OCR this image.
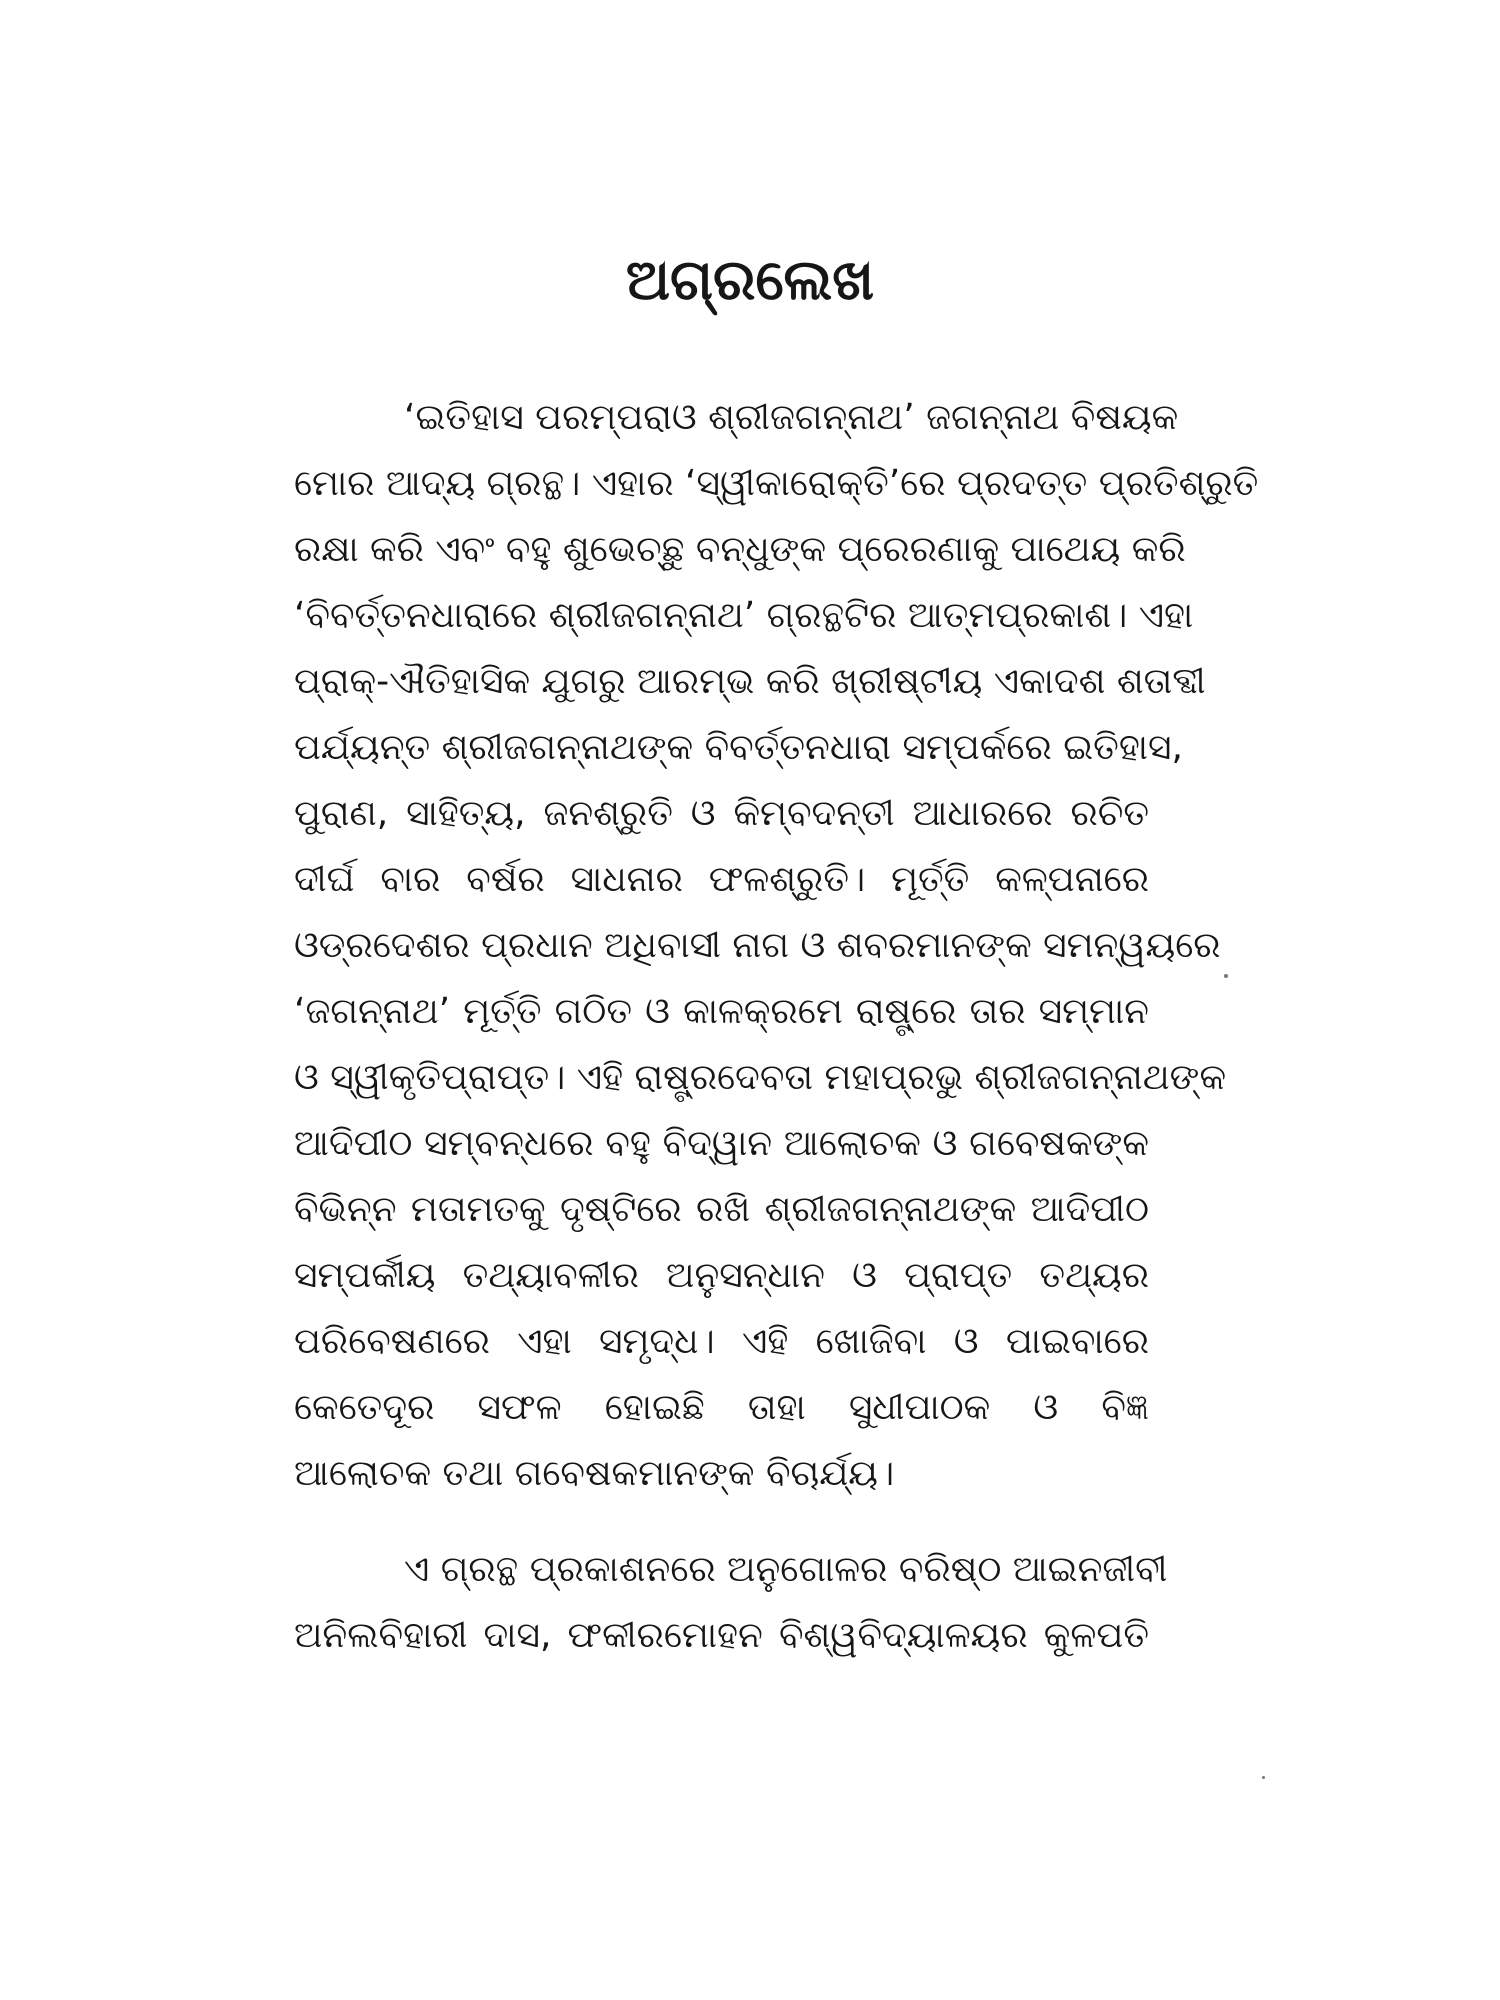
ଅଗ୍ରଲେଖ
‘ଇତିହାସ ପରମ୍ପରାଓ ଶ୍ରୀଜଗନ୍ନାଥ’ ଜଗନ୍ନାଥ ବିଷୟକ
ମୋର ଆଦ୍ୟ ଗ୍ରନ୍ଥ। ଏହାର ‘ସ୍ୱୀକାରୋକ୍ତି’ରେ ପ୍ରଦତ୍ତ ପ୍ରତିଶ୍ରୁତି
ରକ୍ଷା କରି ଏବଂ ବହୁ ଶୁଭେଚ୍ଛୁ ବନ୍ଧୁଙ୍କ ପ୍ରେରଣାକୁ ପାଥେୟ କରି
‘ବିବର୍ତ୍ତନଧାରାରେ ଶ୍ରୀଜଗନ୍ନାଥ’ ଗ୍ରନ୍ଥଟିର ଆତ୍ମପ୍ରକାଶ। ଏହା
ପ୍ରାକ୍-ଐତିହାସିକ ଯୁଗରୁ ଆରମ୍ଭ କରି ଖ୍ରୀଷ୍ଟୀୟ ଏକାଦଶ ଶତାବ୍ଦୀ
ପର୍ଯ୍ୟନ୍ତ ଶ୍ରୀଜଗନ୍ନାଥଙ୍କ ବିବର୍ତ୍ତନଧାରା ସମ୍ପର୍କରେ ଇତିହାସ,
ପୁରାଣ, ସାହିତ୍ୟ, ଜନଶ୍ରୁତି ଓ କିମ୍ବଦନ୍ତୀ ଆଧାରରେ ରଚିତ
ଦୀର୍ଘ ବାର ବର୍ଷର ସାଧନାର ଫଳଶ୍ରୁତି। ମୂର୍ତ୍ତି କଳ୍ପନାରେ
ଓଡ୍ରଦେଶର ପ୍ରଧାନ ଅଧିବାସୀ ନାଗ ଓ ଶବରମାନଙ୍କ ସମନ୍ୱୟରେ
‘ଜଗନ୍ନାଥ’ ମୂର୍ତ୍ତି ଗଠିତ ଓ କାଳକ୍ରମେ ରାଷ୍ଟ୍ରେ ତାର ସମ୍ମାନ
ଓ ସ୍ୱୀକୃତିପ୍ରାପ୍ତ। ଏହି ରାଷ୍ଟ୍ରଦେବତା ମହାପ୍ରଭୁ ଶ୍ରୀଜଗନ୍ନାଥଙ୍କ
ଆଦିପୀଠ ସମ୍ବନ୍ଧରେ ବହୁ ବିଦ୍ୱାନ ଆଲୋଚକ ଓ ଗବେଷକଙ୍କ
ବିଭିନ୍ନ ମତାମତକୁ ଦୃଷ୍ଟିରେ ରଖି ଶ୍ରୀଜଗନ୍ନାଥଙ୍କ ଆଦିପୀଠ
ସମ୍ପର୍କୀୟ ତଥ୍ୟାବଳୀର ଅନୁସନ୍ଧାନ ଓ ପ୍ରାପ୍ତ ତଥ୍ୟର
ପରିବେଷଣରେ ଏହା ସମୃଦ୍ଧ। ଏହି ଖୋଜିବା ଓ ପାଇବାରେ
କେତେଦୂର ସଫଳ ହୋଇଛି ତାହା ସୁଧୀପାଠକ ଓ ବିଜ୍ଞ
ଆଲୋଚକ ତଥା ଗବେଷକମାନଙ୍କ ବିଚାର୍ଯ୍ୟ।
ଏ ଗ୍ରନ୍ଥ ପ୍ରକାଶନରେ ଅନୁଗୋଳର ବରିଷ୍ଠ ଆଇନଜୀବୀ
ଅନିଲବିହାରୀ ଦାସ, ଫକୀରମୋହନ ବିଶ୍ୱବିଦ୍ୟାଳୟର କୁଳପତି
